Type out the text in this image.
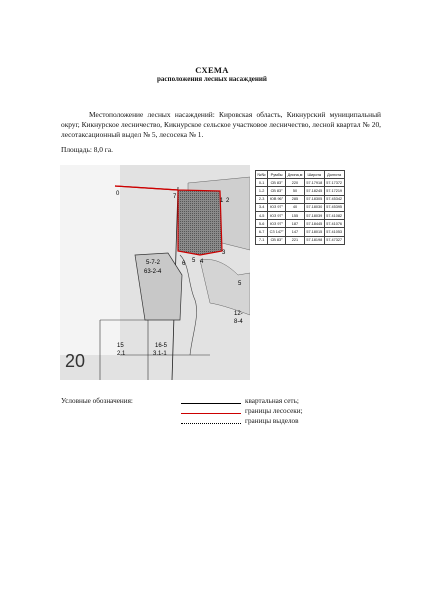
СХЕМА
расположения лесных насаждений
Местоположение лесных насаждений: Кировская область, Кикнурский муниципальный округ, Кикнурское лесничество, Кикнурское сельское участковое лесничество, лесной квартал № 20, лесотаксационный выдел № 5, лесосека № 1.
Площадь: 8,0 га.
20
0	7
1 2
3
4
5
6
5-7-2
63-2-4
15
2.1
16-5
3.1-1
12-
8-4
5
№№	Румбы	Длина,м	Широта	Долгота
0-1	СВ 83°	220	57.17918	57.17372
1-2	СВ 83°	50	57.18245	57.17219
2-3	ЮВ 96°	285	57.18305	57.45342
3-4	ЮЗ 97°	40	57.18030	57.45395
4-5	ЮЗ 97°	155	57.18039	57.41082
5-6	ЮЗ 97°	187	57.18445	57.41076
6-7	СЗ 147°	147	57.18015	57.41053
7-1	СВ 83°	221	57.18198	57.47327
Условные обозначения:	квартальная сеть;
границы лесосеки;
границы выделов
